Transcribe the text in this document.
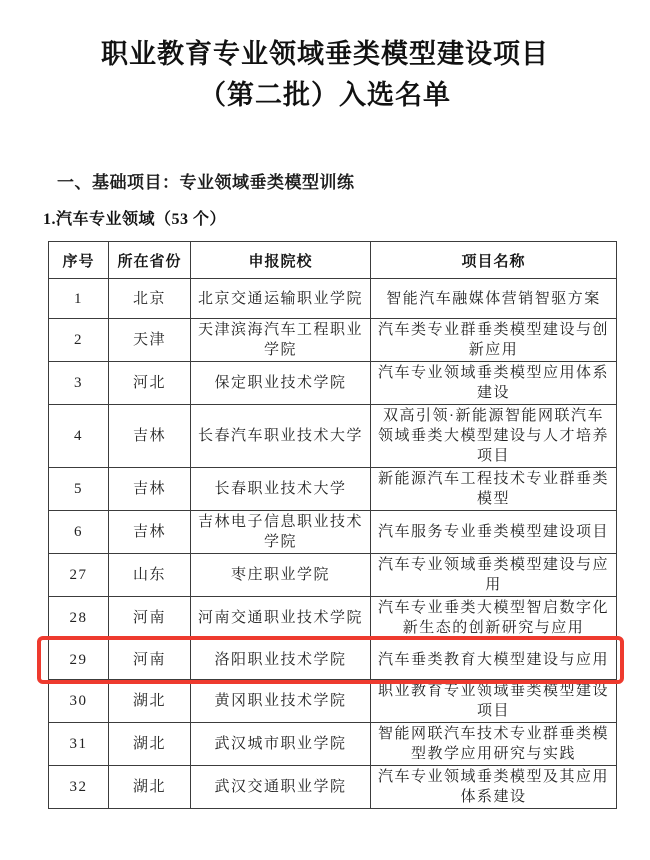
职业教育专业领域垂类模型建设项目
（第二批）入选名单
一、基础项目：专业领域垂类模型训练
1.汽车专业领域（53 个）
序号	所在省份	申报院校	项目名称
1	北京	北京交通运输职业学院	智能汽车融媒体营销智驱方案
2	天津	天津滨海汽车工程职业学院	汽车类专业群垂类模型建设与创新应用
3	河北	保定职业技术学院	汽车专业领域垂类模型应用体系建设
4	吉林	长春汽车职业技术大学	双高引领·新能源智能网联汽车领域垂类大模型建设与人才培养项目
5	吉林	长春职业技术大学	新能源汽车工程技术专业群垂类模型
6	吉林	吉林电子信息职业技术学院	汽车服务专业垂类模型建设项目
27	山东	枣庄职业学院	汽车专业领域垂类模型建设与应用
28	河南	河南交通职业技术学院	汽车专业垂类大模型智启数字化新生态的创新研究与应用
29	河南	洛阳职业技术学院	汽车垂类教育大模型建设与应用
30	湖北	黄冈职业技术学院	职业教育专业领域垂类模型建设项目
31	湖北	武汉城市职业学院	智能网联汽车技术专业群垂类模型教学应用研究与实践
32	湖北	武汉交通职业学院	汽车专业领域垂类模型及其应用体系建设
